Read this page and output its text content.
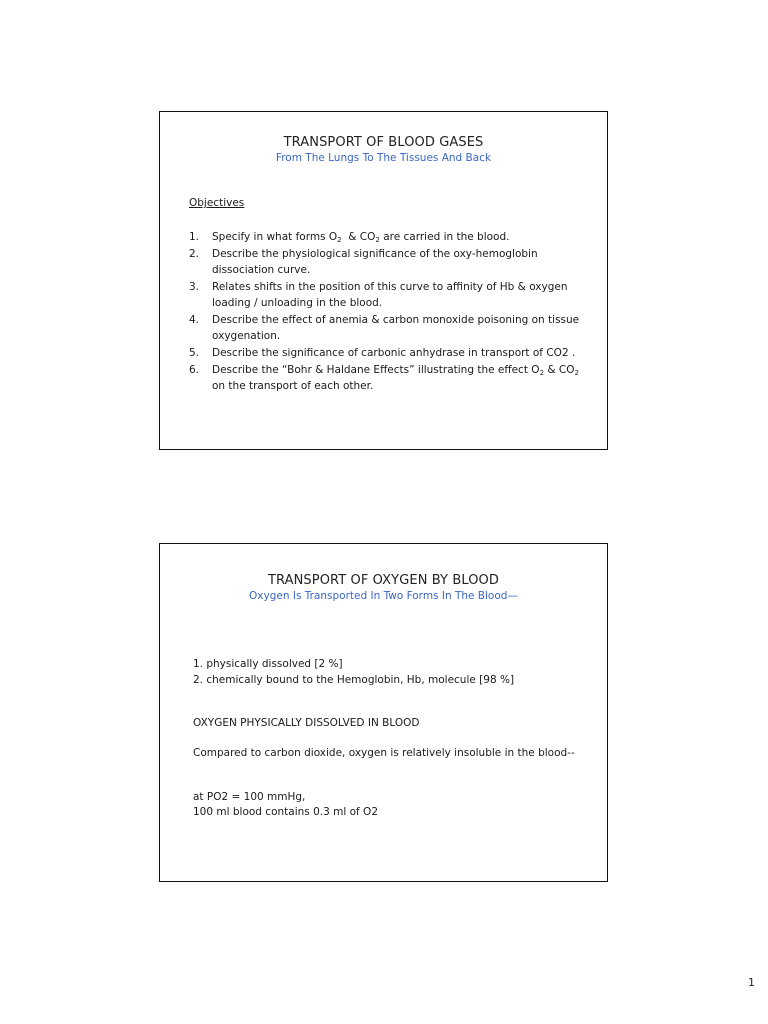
TRANSPORT OF BLOOD GASES
From The Lungs To The Tissues And Back
Objectives
1. Specify in what forms $O_2$  & $CO_2$ are carried in the blood.
2. Describe the physiological significance of the oxy-hemoglobin dissociation curve.
3. Relates shifts in the position of this curve to affinity of Hb & oxygen loading / unloading in the blood.
4. Describe the effect of anemia & carbon monoxide poisoning on tissue oxygenation.
5. Describe the significance of carbonic anhydrase in transport of CO2 .
6. Describe the “Bohr & Haldane Effects” illustrating the effect $O_2$ & $CO_2$ on the transport of each other.
TRANSPORT OF OXYGEN BY BLOOD
Oxygen Is Transported In Two Forms In The Blood—
1. physically dissolved [2 %]
2. chemically bound to the Hemoglobin, Hb, molecule [98 %]
OXYGEN PHYSICALLY DISSOLVED IN BLOOD
Compared to carbon dioxide, oxygen is relatively insoluble in the blood--
at PO2 = 100 mmHg,
100 ml blood contains 0.3 ml of O2
1
